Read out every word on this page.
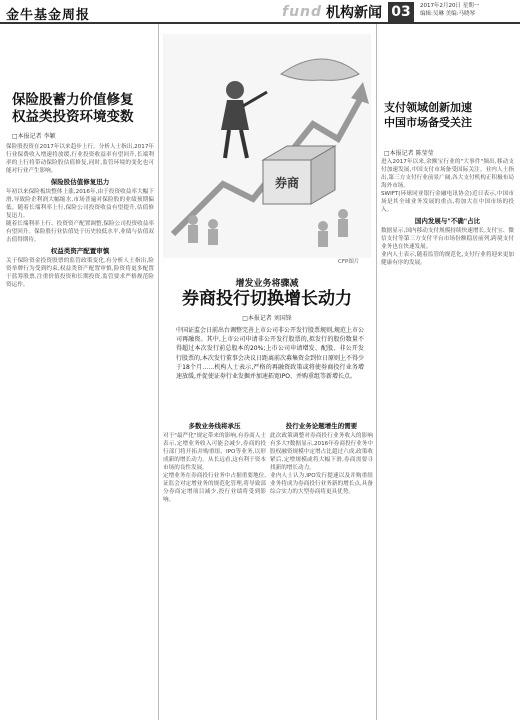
金牛基金周报	fund 机构新闻 03	2017年2月20日 星期一
编辑:吴琳 美编:马晓琴
保险股蓄力价值修复
权益类投资环境变数
□本报记者 李颖

保险股投资在2017年以来趋步上行。分析人士指出,2017年行业保费收入增速将放缓,行业投资收益率有望回升,长端利率的上行将带动保险股估值修复,同时,监管环境的变化也可能对行业产生影响。

保险股估值修复迅力

年初以来保险板块整体上涨,2016年,由于投资收益率大幅下滑,导致险企利润大幅缩水,市场普遍对保险股的业绩预期偏低。随着长端利率上行,保险公司投资收益有望提升,估值修复迅力。

随着长端利率上行、投资资产配置调整,保险公司投资收益率有望回升。保险股行业估值处于历史较低水平,业绩与估值双击值得期待。

权益类资产配置审慎

关于保险资金投资股票的监管政策变化,有分析人士指出,险资举牌行为受到约束,权益类资产配置审慎,险资将更多配置于蓝筹股票,注重价值投资和长期投资,监管要求严格规范险资运作。

券商
CFP图片
增发业务将骤减
券商投行切换增长动力
□本报记者 刘国锋
中国证监会日前出台调整完善上市公司非公开发行股票规则,规范上市公司再融资。其中,上市公司申请非公开发行股票的,拟发行的股份数量不得超过本次发行前总股本的20%;上市公司申请增发、配股、非公开发行股票的,本次发行董事会决议日距离前次募集资金到位日原则上不得少于18个月……机构人士表示,严格的再融资政策或将使券商投行业务增速放缓,并促使证券行业发掘并加速拓宽IPO、并购重组等新增长点。

多数业务线将承压

对于"最严化"规定带来的影响,有券商人士表示,定增业务收入可能会减少,券商的投行部门将开拓并购重组、IPO等业务,以形成新的增长动力。从长远看,这有利于资本市场的良性发展。

定增业务在券商投行业务中占据重要地位,证监会对定增业务的规范化管理,将导致部分券商定增项目减少,投行业绩将受到影响。

投行业务论题增生的需要

此次政策调整对券商投行业务收入的影响有多大?数据显示,2016年券商投行业务中股权融资规模中定增占比超过六成,政策收紧后,定增规模或将大幅下滑,券商需要寻找新的增长动力。

业内人士认为,IPO发行提速以及并购重组业务将成为券商投行业务新的增长点,具备综合实力的大型券商将更具优势。

支付领域创新加速
中国市场备受关注
□本报记者 陈莹莹

进入2017年以来,余额宝行业的"大事件"频出,移动支付加速发展,中国支付市场备受国际关注。业内人士指出,第三方支付行业前景广阔,各大支付机构正积极布局海外市场。

SWIFT(环球同业银行金融电讯协会)近日表示,中国市场是其全球业务发展的重点,将加大在中国市场的投入。

国内发展与"不确"占比

数据显示,国内移动支付规模持续快速增长,支付宝、微信支付等第三方支付平台市场份额稳居前列,跨境支付业务也在快速发展。

业内人士表示,随着监管的规范化,支付行业将迎来更加健康有序的发展。
